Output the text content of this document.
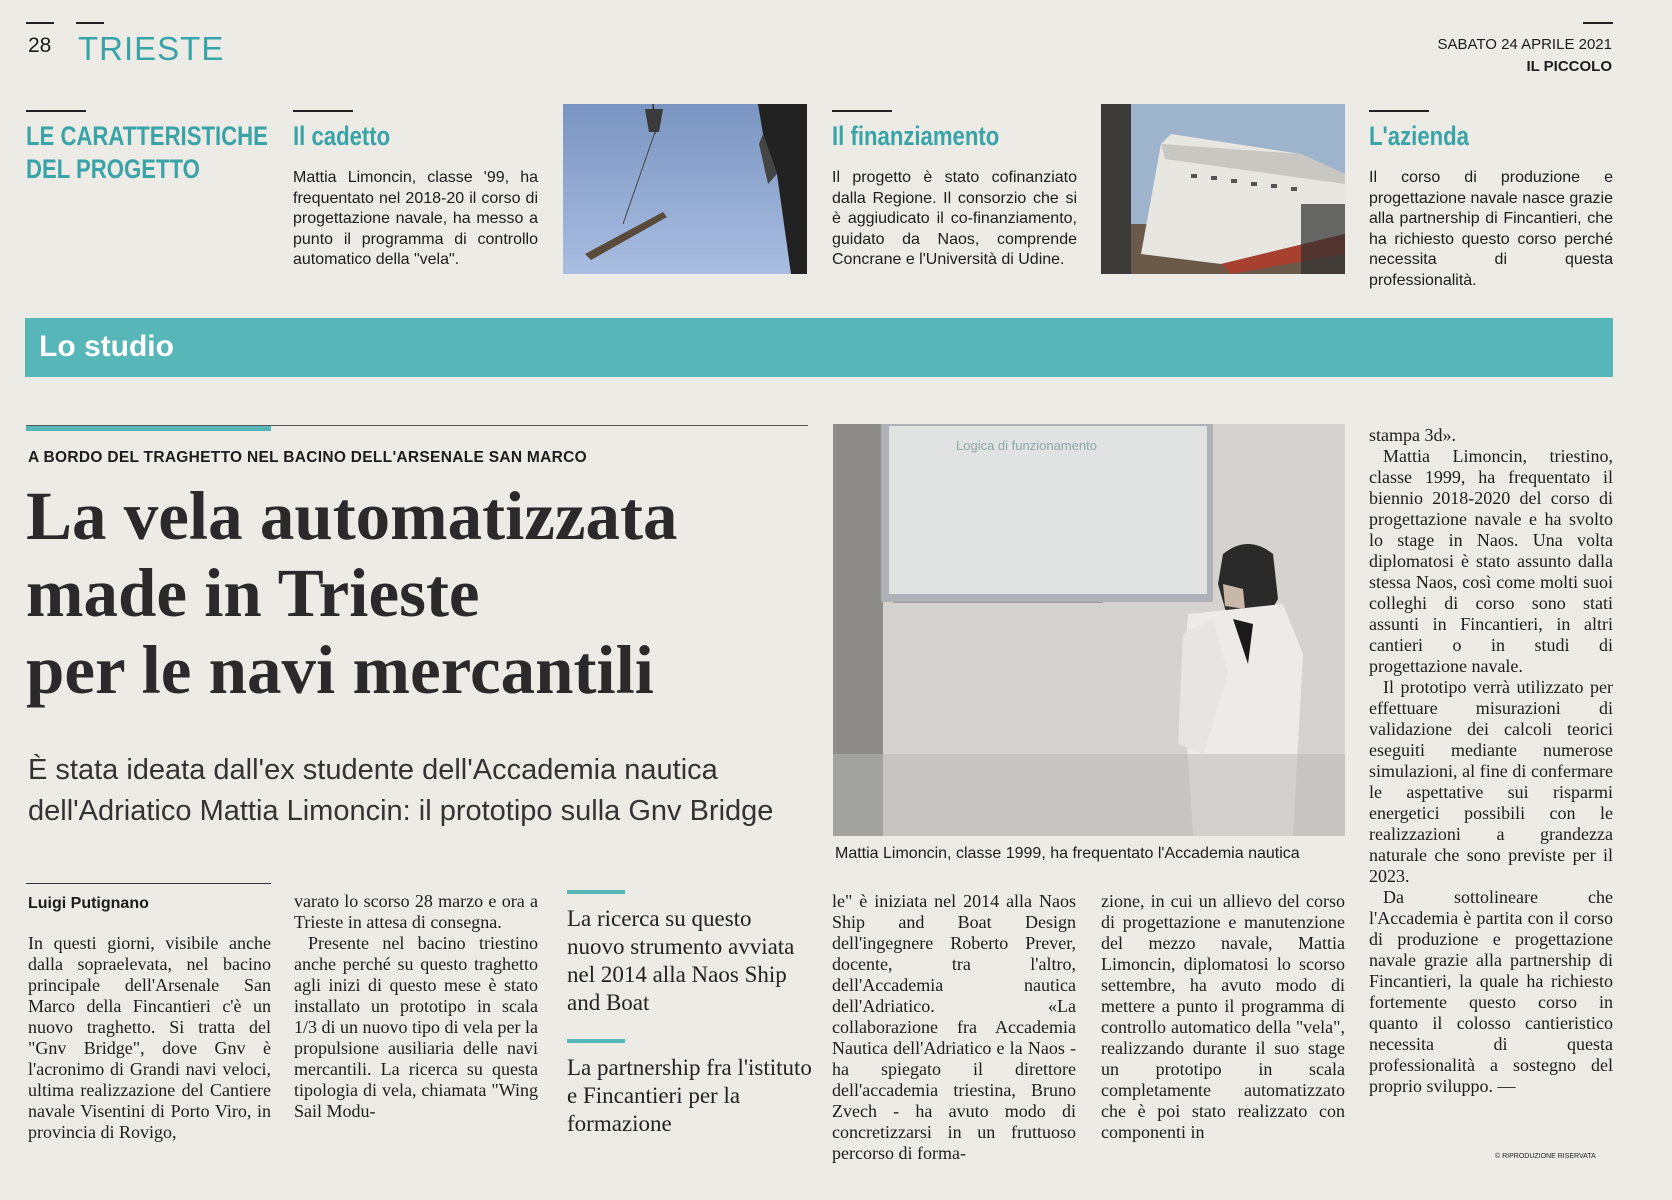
28 TRIESTE	SABATO 24 APRILE 2021
IL PICCOLO
LE CARATTERISTICHE
DEL PROGETTO
Il cadetto
Mattia Limoncin, classe '99, ha frequentato nel 2018-20 il corso di progettazione navale, ha messo a punto il programma di controllo automatico della "vela".
Il finanziamento
Il progetto è stato cofinanziato dalla Regione. Il consorzio che si è aggiudicato il co-finanziamento, guidato da Naos, comprende Concrane e l'Università di Udine.
L'azienda
Il corso di produzione e progettazione navale nasce grazie alla partnership di Fincantieri, che ha richiesto questo corso perché necessita di questa professionalità.
Lo studio
A BORDO DEL TRAGHETTO NEL BACINO DELL'ARSENALE SAN MARCO
La vela automatizzata
made in Trieste
per le navi mercantili
È stata ideata dall'ex studente dell'Accademia nautica
dell'Adriatico Mattia Limoncin: il prototipo sulla Gnv Bridge
Logica di funzionamento
Mattia Limoncin, classe 1999, ha frequentato l'Accademia nautica
Luigi Putignano
In questi giorni, visibile anche dalla sopraelevata, nel bacino principale dell'Arsenale San Marco della Fincantieri c'è un nuovo traghetto. Si tratta del "Gnv Bridge", dove Gnv è l'acronimo di Grandi navi veloci, ultima realizzazione del Cantiere navale Visentini di Porto Viro, in provincia di Rovigo,
varato lo scorso 28 marzo e ora a Trieste in attesa di consegna.
Presente nel bacino triestino anche perché su questo traghetto agli inizi di questo mese è stato installato un prototipo in scala 1/3 di un nuovo tipo di vela per la propulsione ausiliaria delle navi mercantili. La ricerca su questa tipologia di vela, chiamata "Wing Sail Modu-
La ricerca su questo nuovo strumento avviata nel 2014 alla Naos Ship and Boat
La partnership fra l'istituto e Fincantieri per la formazione
le" è iniziata nel 2014 alla Naos Ship and Boat Design dell'ingegnere Roberto Prever, docente, tra l'altro, dell'Accademia nautica dell'Adriatico. «La collaborazione fra Accademia Nautica dell'Adriatico e la Naos - ha spiegato il direttore dell'accademia triestina, Bruno Zvech - ha avuto modo di concretizzarsi in un fruttuoso percorso di forma-
zione, in cui un allievo del corso di progettazione e manutenzione del mezzo navale, Mattia Limoncin, diplomatosi lo scorso settembre, ha avuto modo di mettere a punto il programma di controllo automatico della "vela", realizzando durante il suo stage un prototipo in scala completamente automatizzato che è poi stato realizzato con componenti in
stampa 3d».
Mattia Limoncin, triestino, classe 1999, ha frequentato il biennio 2018-2020 del corso di progettazione navale e ha svolto lo stage in Naos. Una volta diplomatosi è stato assunto dalla stessa Naos, così come molti suoi colleghi di corso sono stati assunti in Fincantieri, in altri cantieri o in studi di progettazione navale.
Il prototipo verrà utilizzato per effettuare misurazioni di validazione dei calcoli teorici eseguiti mediante numerose simulazioni, al fine di confermare le aspettative sui risparmi energetici possibili con le realizzazioni a grandezza naturale che sono previste per il 2023.
Da sottolineare che l'Accademia è partita con il corso di produzione e progettazione navale grazie alla partnership di Fincantieri, la quale ha richiesto fortemente questo corso in quanto il colosso cantieristico necessita di questa professionalità a sostegno del proprio sviluppo. —
© RIPRODUZIONE RISERVATA
